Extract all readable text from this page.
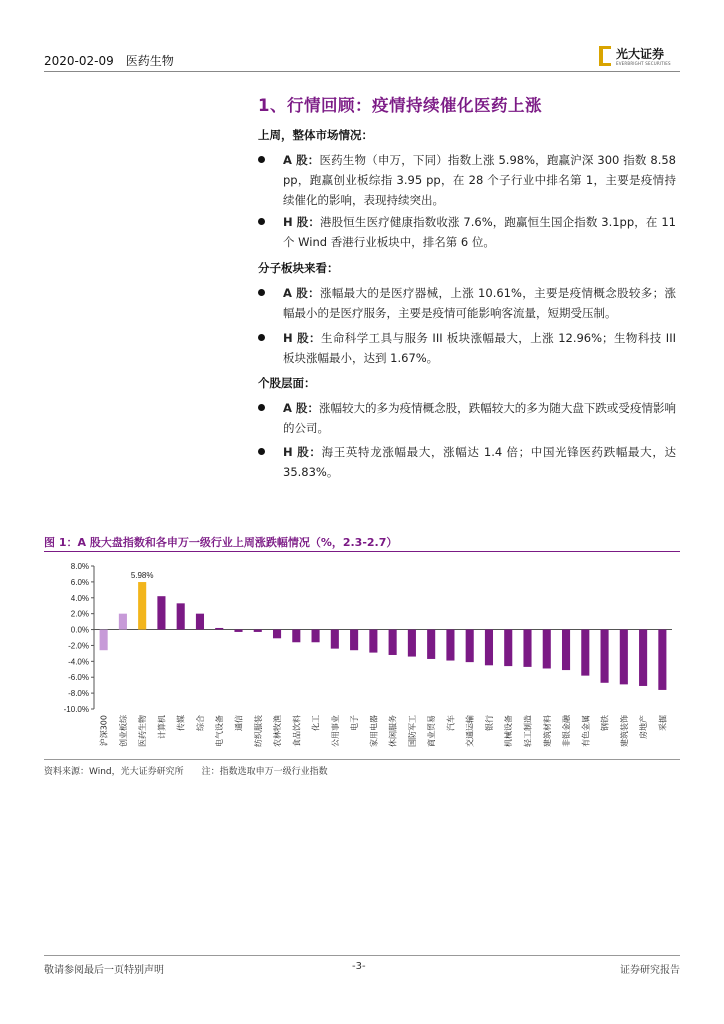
2020-02-09 医药生物
光大证券
EVERBRIGHT SECURITIES
1、行情回顾：疫情持续催化医药上涨
上周，整体市场情况：
A 股：医药生物（申万，下同）指数上涨 5.98%，跑赢沪深 300 指数 8.58 pp，跑赢创业板综指 3.95 pp，在 28 个子行业中排名第 1，主要是疫情持续催化的影响，表现持续突出。
H 股：港股恒生医疗健康指数收涨 7.6%，跑赢恒生国企指数 3.1pp，在 11 个 Wind 香港行业板块中，排名第 6 位。
分子板块来看：
A 股：涨幅最大的是医疗器械，上涨 10.61%，主要是疫情概念股较多；涨幅最小的是医疗服务，主要是疫情可能影响客流量，短期受压制。
H 股：生命科学工具与服务 III 板块涨幅最大，上涨 12.96%；生物科技 III 板块涨幅最小，达到 1.67%。
个股层面：
A 股：涨幅较大的多为疫情概念股，跌幅较大的多为随大盘下跌或受疫情影响的公司。
H 股：海王英特龙涨幅最大，涨幅达 1.4 倍；中国光锋医药跌幅最大，达 35.83%。
图 1：A 股大盘指数和各申万一级行业上周涨跌幅情况（%，2.3-2.7）
8.0%
6.0%
4.0%
2.0%
0.0%
-2.0%
-4.0%
-6.0%
-8.0%
-10.0%
沪深300 创业板综 医药生物 计算机 传媒 综合 电气设备 通信 纺织服装 农林牧渔 食品饮料 化工 公用事业 电子 家用电器 休闲服务 国防军工 商业贸易 汽车 交通运输 银行 机械设备 轻工制造 建筑材料 非银金融 有色金属 钢铁 建筑装饰 房地产 采掘
5.98%
资料来源：Wind，光大证券研究所 注：指数选取申万一级行业指数
敬请参阅最后一页特别声明	-3-	证券研究报告
